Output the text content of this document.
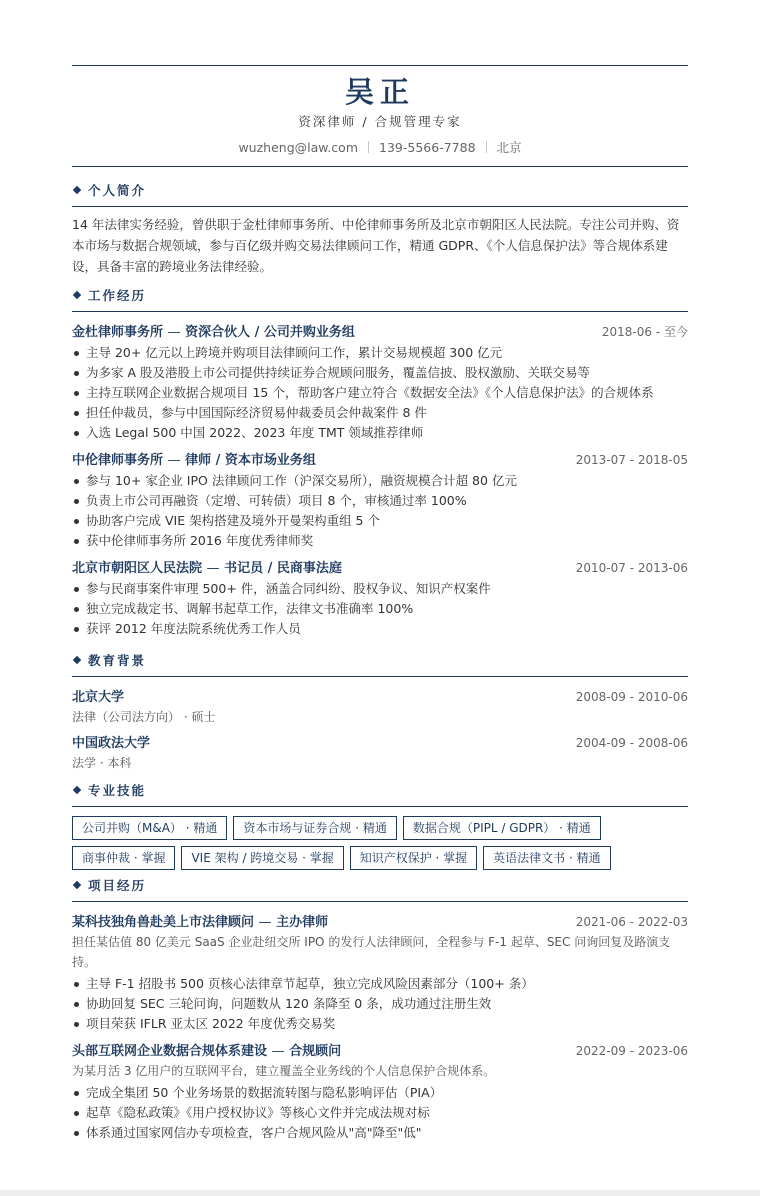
吴正
资深律师 / 合规管理专家
wuzheng@law.com 139-5566-7788 北京
个人简介
14 年法律实务经验，曾供职于金杜律师事务所、中伦律师事务所及北京市朝阳区人民法院。专注公司并购、资本市场与数据合规领域，参与百亿级并购交易法律顾问工作，精通 GDPR、《个人信息保护法》等合规体系建设，具备丰富的跨境业务法律经验。
工作经历
金杜律师事务所 — 资深合伙人 / 公司并购业务组	2018-06 - 至今
主导 20+ 亿元以上跨境并购项目法律顾问工作，累计交易规模超 300 亿元
为多家 A 股及港股上市公司提供持续证券合规顾问服务，覆盖信披、股权激励、关联交易等
主持互联网企业数据合规项目 15 个，帮助客户建立符合《数据安全法》《个人信息保护法》的合规体系
担任仲裁员，参与中国国际经济贸易仲裁委员会仲裁案件 8 件
入选 Legal 500 中国 2022、2023 年度 TMT 领域推荐律师
中伦律师事务所 — 律师 / 资本市场业务组	2013-07 - 2018-05
参与 10+ 家企业 IPO 法律顾问工作（沪深交易所），融资规模合计超 80 亿元
负责上市公司再融资（定增、可转债）项目 8 个，审核通过率 100%
协助客户完成 VIE 架构搭建及境外开曼架构重组 5 个
获中伦律师事务所 2016 年度优秀律师奖
北京市朝阳区人民法院 — 书记员 / 民商事法庭	2010-07 - 2013-06
参与民商事案件审理 500+ 件，涵盖合同纠纷、股权争议、知识产权案件
独立完成裁定书、调解书起草工作，法律文书准确率 100%
获评 2012 年度法院系统优秀工作人员
教育背景
北京大学	2008-09 - 2010-06
法律（公司法方向） · 硕士
中国政法大学	2004-09 - 2008-06
法学 · 本科
专业技能
公司并购（M&A） · 精通	资本市场与证券合规 · 精通	数据合规（PIPL / GDPR） · 精通
商事仲裁 · 掌握	VIE 架构 / 跨境交易 · 掌握	知识产权保护 · 掌握	英语法律文书 · 精通
项目经历
某科技独角兽赴美上市法律顾问 — 主办律师	2021-06 - 2022-03
担任某估值 80 亿美元 SaaS 企业赴纽交所 IPO 的发行人法律顾问，全程参与 F-1 起草、SEC 问询回复及路演支持。
主导 F-1 招股书 500 页核心法律章节起草，独立完成风险因素部分（100+ 条）
协助回复 SEC 三轮问询，问题数从 120 条降至 0 条，成功通过注册生效
项目荣获 IFLR 亚太区 2022 年度优秀交易奖
头部互联网企业数据合规体系建设 — 合规顾问	2022-09 - 2023-06
为某月活 3 亿用户的互联网平台，建立覆盖全业务线的个人信息保护合规体系。
完成全集团 50 个业务场景的数据流转图与隐私影响评估（PIA）
起草《隐私政策》《用户授权协议》等核心文件并完成法规对标
体系通过国家网信办专项检查，客户合规风险从"高"降至"低"
